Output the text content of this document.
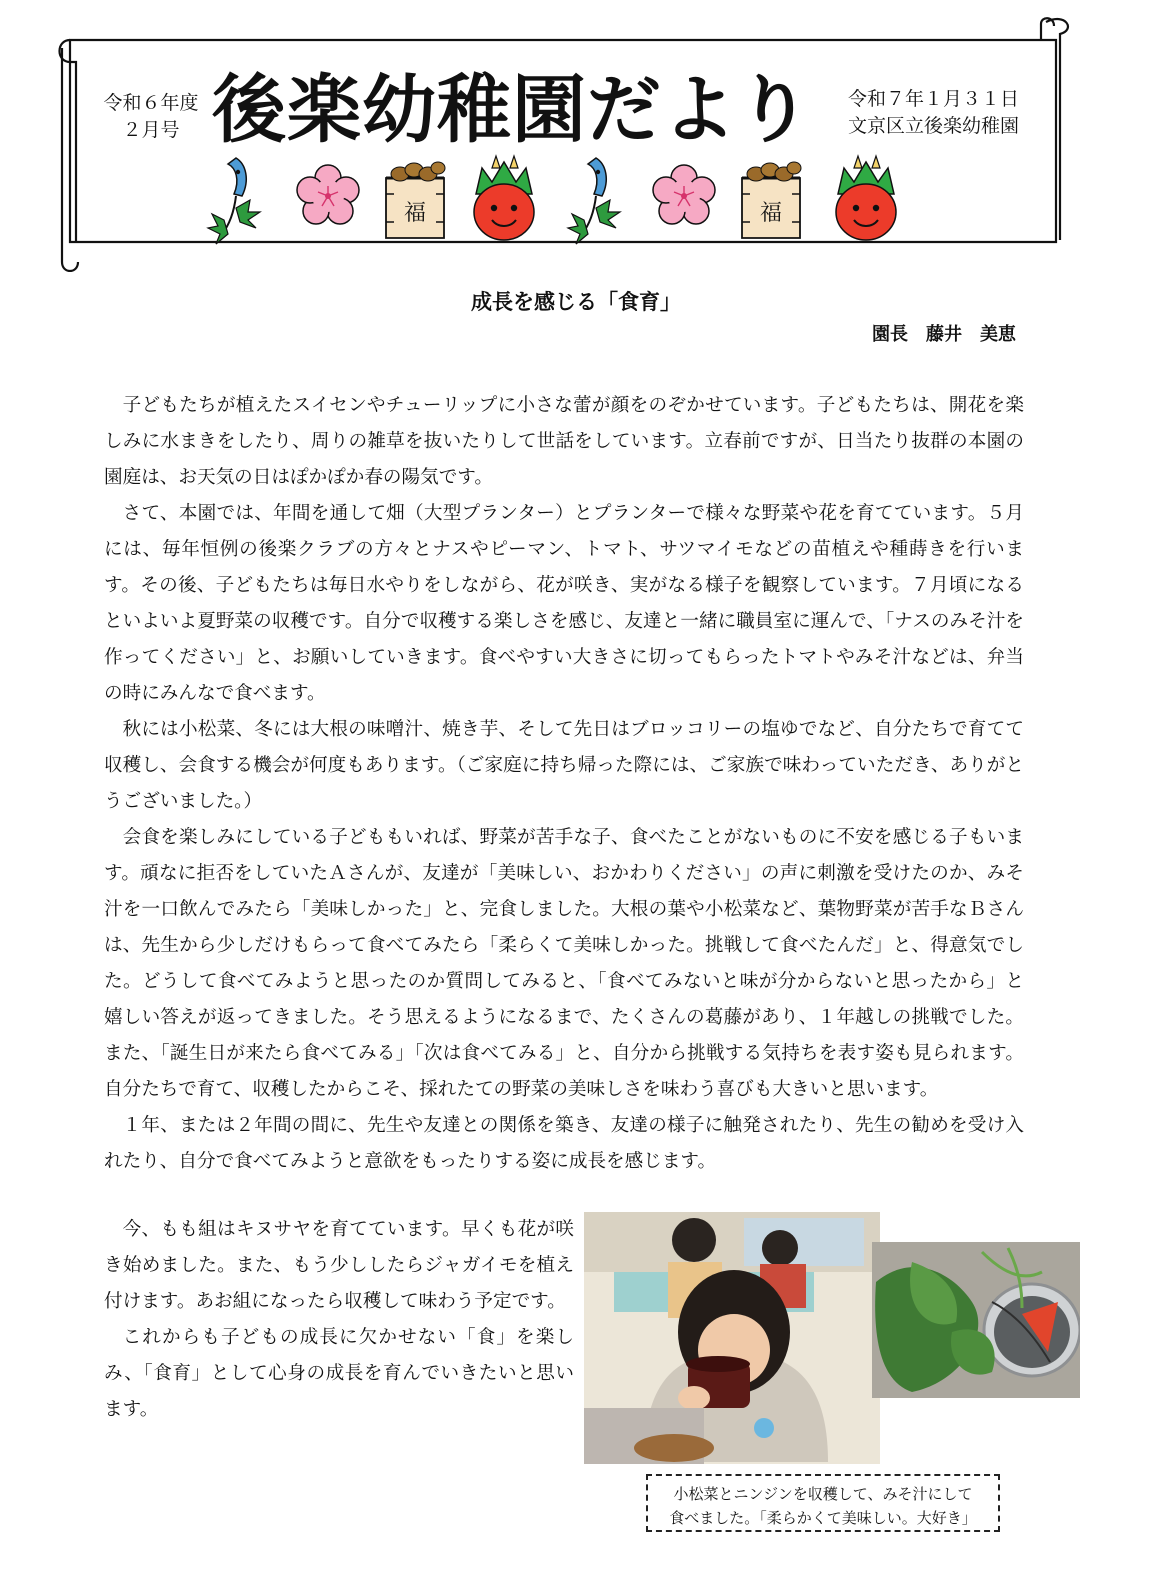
令和６年度
２月号 後楽幼稚園だより 令和７年１月３１日
文京区立後楽幼稚園
福	福
成長を感じる「食育」
園長　藤井　美恵

子どもたちが植えたスイセンやチューリップに小さな蕾が顔をのぞかせています。子どもたちは、開花を楽しみに水まきをしたり、周りの雑草を抜いたりして世話をしています。立春前ですが、日当たり抜群の本園の園庭は、お天気の日はぽかぽか春の陽気です。

さて、本園では、年間を通して畑（大型プランター）とプランターで様々な野菜や花を育てています。５月には、毎年恒例の後楽クラブの方々とナスやピーマン、トマト、サツマイモなどの苗植えや種蒔きを行います。その後、子どもたちは毎日水やりをしながら、花が咲き、実がなる様子を観察しています。７月頃になるといよいよ夏野菜の収穫です。自分で収穫する楽しさを感じ、友達と一緒に職員室に運んで、「ナスのみそ汁を作ってください」と、お願いしていきます。食べやすい大きさに切ってもらったトマトやみそ汁などは、弁当の時にみんなで食べます。

秋には小松菜、冬には大根の味噌汁、焼き芋、そして先日はブロッコリーの塩ゆでなど、自分たちで育てて収穫し、会食する機会が何度もあります。（ご家庭に持ち帰った際には、ご家族で味わっていただき、ありがとうございました。）

会食を楽しみにしている子どももいれば、野菜が苦手な子、食べたことがないものに不安を感じる子もいます。頑なに拒否をしていたＡさんが、友達が「美味しい、おかわりください」の声に刺激を受けたのか、みそ汁を一口飲んでみたら「美味しかった」と、完食しました。大根の葉や小松菜など、葉物野菜が苦手なＢさんは、先生から少しだけもらって食べてみたら「柔らくて美味しかった。挑戦して食べたんだ」と、得意気でした。どうして食べてみようと思ったのか質問してみると、「食べてみないと味が分からないと思ったから」と嬉しい答えが返ってきました。そう思えるようになるまで、たくさんの葛藤があり、１年越しの挑戦でした。また、「誕生日が来たら食べてみる」「次は食べてみる」と、自分から挑戦する気持ちを表す姿も見られます。自分たちで育て、収穫したからこそ、採れたての野菜の美味しさを味わう喜びも大きいと思います。

１年、または２年間の間に、先生や友達との関係を築き、友達の様子に触発されたり、先生の勧めを受け入れたり、自分で食べてみようと意欲をもったりする姿に成長を感じます。

今、もも組はキヌサヤを育てています。早くも花が咲き始めました。また、もう少ししたらジャガイモを植え付けます。あお組になったら収穫して味わう予定です。

これからも子どもの成長に欠かせない「食」を楽しみ、「食育」として心身の成長を育んでいきたいと思います。

小松菜とニンジンを収穫して、みそ汁にして
食べました。「柔らかくて美味しい。大好き」
